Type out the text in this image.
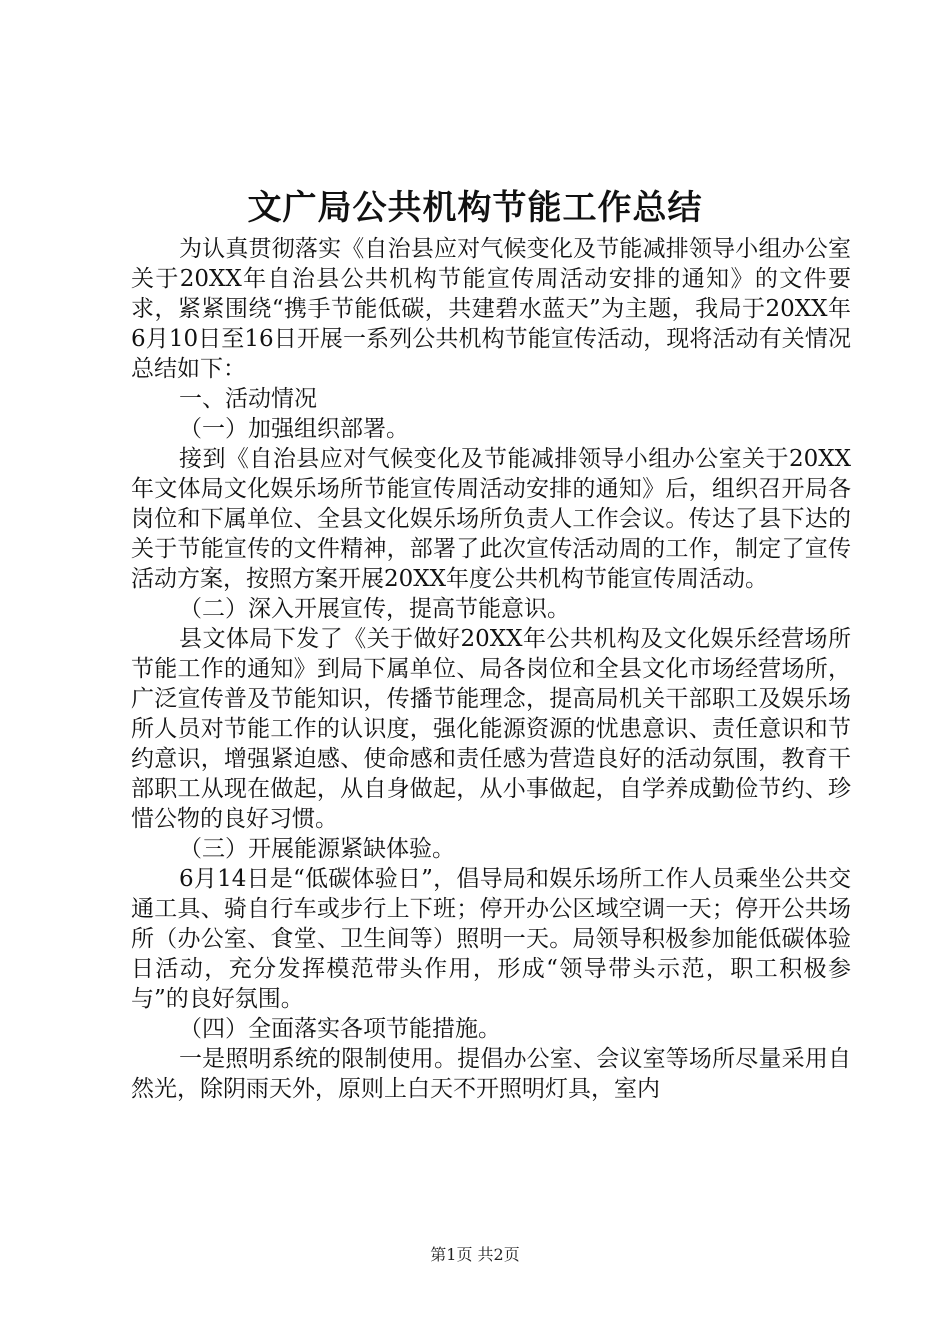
文广局公共机构节能工作总结

为认真贯彻落实《自治县应对气候变化及节能减排领导小组办公室关于20XX年自治县公共机构节能宣传周活动安排的通知》的文件要求，紧紧围绕“携手节能低碳，共建碧水蓝天”为主题，我局于20XX年6月10日至16日开展一系列公共机构节能宣传活动，现将活动有关情况总结如下：

一、活动情况

（一）加强组织部署。

接到《自治县应对气候变化及节能减排领导小组办公室关于20XX年文体局文化娱乐场所节能宣传周活动安排的通知》后，组织召开局各岗位和下属单位、全县文化娱乐场所负责人工作会议。传达了县下达的关于节能宣传的文件精神，部署了此次宣传活动周的工作，制定了宣传活动方案，按照方案开展20XX年度公共机构节能宣传周活动。

（二）深入开展宣传，提高节能意识。

县文体局下发了《关于做好20XX年公共机构及文化娱乐经营场所节能工作的通知》到局下属单位、局各岗位和全县文化市场经营场所，广泛宣传普及节能知识，传播节能理念，提高局机关干部职工及娱乐场所人员对节能工作的认识度，强化能源资源的忧患意识、责任意识和节约意识，增强紧迫感、使命感和责任感为营造良好的活动氛围，教育干部职工从现在做起，从自身做起，从小事做起，自学养成勤俭节约、珍惜公物的良好习惯。

（三）开展能源紧缺体验。

6月14日是“低碳体验日”，倡导局和娱乐场所工作人员乘坐公共交通工具、骑自行车或步行上下班；停开办公区域空调一天；停开公共场所（办公室、食堂、卫生间等）照明一天。局领导积极参加能低碳体验日活动，充分发挥模范带头作用，形成“领导带头示范，职工积极参与”的良好氛围。

（四）全面落实各项节能措施。

一是照明系统的限制使用。提倡办公室、会议室等场所尽量采用自然光，除阴雨天外，原则上白天不开照明灯具，室内

第1页 共2页
